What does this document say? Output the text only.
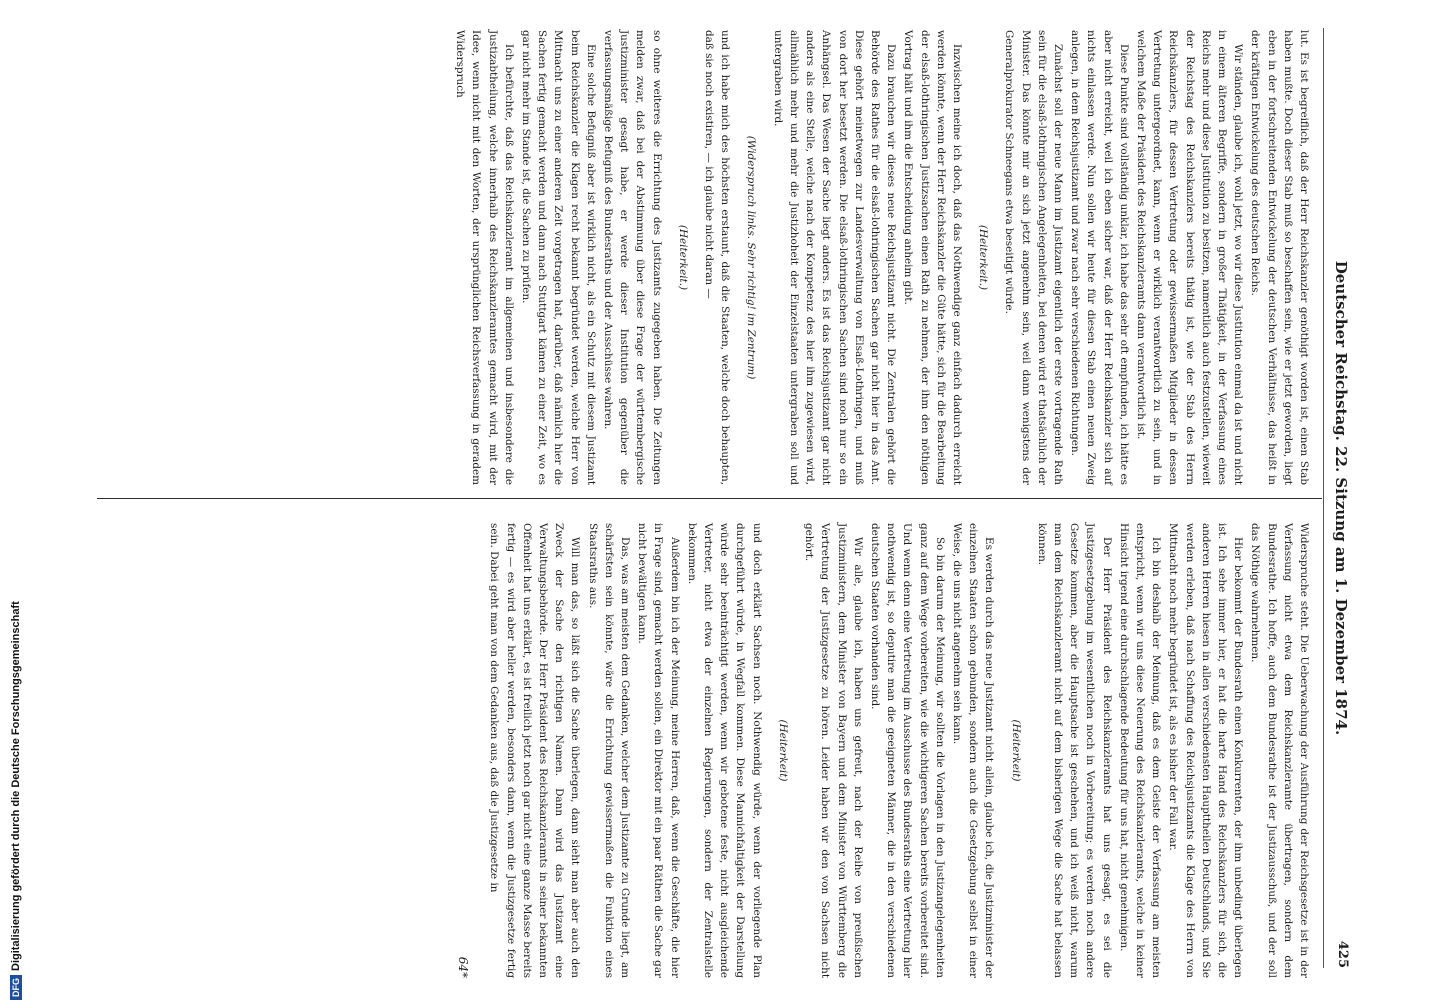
Deutscher Reichstag. 22. Sitzung am 1. Dezember 1874.
425

lut. Es ist begreiflich, daß der Herr Reichskanzler genöthigt worden ist, einen Stab haben mußte. Doch dieser Stab muß so beschaffen sein, wie er jetzt geworden, liegt eben in der fortschreitenden Entwickelung der deutschen Verhältnisse, das heißt in der kräftigen Entwickelung des deutschen Reichs.

Wir ständen, glaube ich, wohl jetzt, wo wir diese Justitution einmal da ist und nicht in einem älteren Begriffe, sondern in großer Thätigkeit, in der Verfassung eines Reichs mehr und diese Justitution zu besitzen, namentlich auch festzustellen, wieweit der Reichstag des Reichskanzlers bereits thätig ist, wie der Stab des Herrn Reichskanzlers, für dessen Vertretung oder gewissermaßen Mitglieder in dessen Vertretung untergeordnet, kann, wenn er wirklich verantwortlich zu sein, und in welchem Maße der Präsident des Reichskanzleramts dann verantwortlich ist.

Diese Punkte sind vollständig unklar, ich habe das sehr oft empfunden, ich hätte es aber nicht erreicht, weil ich eben sicher war, daß der Herr Reichskanzler sich auf nichts einlassen werde. Nun sollen wir heute für diesen Stab einen neuen Zweig anlegen, in dem Reichsjustizamt und zwar nach sehr verschiedenen Richtungen.

Zunächst soll der neue Mann im Justizamt eigentlich der erste vortragende Rath sein für die elsaß-lothringischen Angelegenheiten, bei denen wird er thatsächlich der Minister. Das könnte mir an sich jetzt angenehm sein, weil dann wenigstens der Generalprokurator Schneegans etwa beseitigt würde.

(Heiterkeit.)

Inzwischen meine ich doch, daß das Nothwendige ganz einfach dadurch erreicht werden könnte, wenn der Herr Reichskanzler die Güte hätte, sich für die Bearbeitung der elsaß-lothringischen Justizsachen einen Rath zu nehmen, der ihm den nöthigen Vortrag hält und ihm die Entscheidung anheim gibt.

Dazu brauchen wir dieses neue Reichsjustizamt nicht. Die Zentralen gehört die Behörde des Rathes für die elsaß-lothringischen Sachen gar nicht hier in das Amt. Diese gehört meinetwegen zur Landesverwaltung von Elsaß-Lothringen, und muß von dort her besetzt werden. Die elsaß-lothringischen Sachen sind noch nur so ein Anhängsel. Das Wesen der Sache liegt anders. Es ist das Reichsjustizamt gar nicht anders als eine Stelle, welche nach der Kompetenz des hier ihm zugewiesen wird, allmählich mehr und mehr die Justizhoheit der Einzelstaaten untergraben soll und untergraben wird.

(Widerspruch links. Sehr richtig! im Zentrum)

und ich habe mich des höchsten erstaunt, daß die Staaten, welche doch behaupten, daß sie noch existiren, — ich glaube nicht daran —

(Heiterkeit.)

so ohne weiteres die Errichtung des Justizamts zugegeben haben. Die Zeitungen melden zwar, daß bei der Abstimmung über diese Frage der württembergische Justizminister gesagt habe, er werde dieser Institution gegenüber die verfassungsmäßige Befugniß des Bundesraths und der Ausschüsse wahren.

Eine solche Befugniß aber ist wirklich nicht, als ein Schutz mit diesem Justizamt beim Reichskanzler die Klagen recht bekannt begründet werden, welche Herr von Mittnacht uns zu einer anderen Zeit vorgetragen hat, darüber, daß nämlich hier die Sachen fertig gemacht werden und dann nach Stuttgart kämen zu einer Zeit, wo es gar nicht mehr im Stande ist, die Sachen zu prüfen.

Ich befürchte, daß das Reichskanzleramt im allgemeinen und insbesondere die Justizabtheilung, welche innerhalb des Reichskanzleramtes gemacht wird, mit der Idee, wenn nicht mit den Worten, der ursprünglichen Reichsverfassung in geradem Widerspruch

Widerspruche steht. Die Ueberwachung der Ausführung der Reichsgesetze ist in der Verfassung nicht etwa dem Reichskanzleramte übertragen, sondern dem Bundesrathe. Ich hoffe, auch dem Bundesrathe ist der Justizausschuß, und der soll das Nöthige wahrnehmen.

Hier bekommt der Bundesrath einen Konkurrenten, der ihm unbedingt überlegen ist. Ich sehe immer hier, er hat die harte Hand des Reichskanzlers für sich, die anderen Herren hiesen in allen verschiedensten Haupttheilen Deutschlands, und Sie werden erleben, daß nach Schaffung des Reichsjustizamts die Klage des Herrn von Mittnacht noch mehr begründet ist, als es bisher der Fall war.

Ich bin deshalb der Meinung, daß es dem Geiste der Verfassung am meisten entspricht, wenn wir uns diese Neuerung des Reichskanzleramts, welche in keiner Hinsicht irgend eine durchschlagende Bedeutung für uns hat, nicht genehmigen.

Der Herr Präsident des Reichskanzleramts hat uns gesagt, es sei die Justizgesetzgebung im wesentlichen noch in Vorbereitung; es werden noch andere Gesetze kommen, aber die Hauptsache ist geschehen, und ich weiß nicht, warum man dem Reichskanzleramt nicht auf dem bisherigen Wege die Sache hat belassen können.

(Heiterkeit)

Es werden durch das neue Justizamt nicht allein, glaube ich, die Justizminister der einzelnen Staaten schon gebunden, sondern auch die Gesetzgebung selbst in einer Weise, die uns nicht angenehm sein kann.

So bin darum der Meinung, wir sollten die Vorlagen in den Justizangelegenheiten ganz auf dem Wege vorbereiten, wie die wichtigeren Sachen bereits vorbereitet sind. Und wenn denn eine Vertretung im Ausschusse des Bundesraths eine Vertretung hier nothwendig ist, so deputire man die geeigneten Männer, die in den verschiedenen deutschen Staaten vorhanden sind.

Wir alle, glaube ich, haben uns gefreut, nach der Reihe von preußischen Justizministern, dem Minister von Bayern und dem Minister von Württemberg die Vertretung der Justizgesetze zu hören. Leider haben wir den von Sachsen nicht gehört.

(Heiterkeit)

und doch erklärt Sachsen noch. Nothwendig würde, wenn der vorliegende Plan durchgeführt würde, in Wegfall kommen. Diese Mannichfaltigkeit der Darstellung würde sehr beeinträchtigt werden, wenn wir gebotene feste, nicht ausgleichende Vertreter, nicht etwa der einzelnen Regierungen, sondern der Zentralstelle bekommen.

Außerdem bin ich der Meinung, meine Herren, daß, wenn die Geschäfte, die hier in Frage sind, gemacht werden sollen, ein Direktor mit ein paar Räthen die Sache gar nicht bewältigen kann.

Das, was am meisten dem Gedanken, welcher dem Justizamte zu Grunde liegt, am schärfsten sein könnte, wäre die Errichtung gewissermaßen die Funktion eines Staatsraths aus.

Will man das, so läßt sich die Sache überlegen, dann sieht man aber auch den Zweck der Sache den richtigen Namen. Dann wird das Justizamt eine Verwaltungsbehörde. Der Herr Präsident des Reichskanzleramts in seiner bekannten Offenheit hat uns erklärt, es ist freilich jetzt noch gar nicht eine ganze Masse bereits fertig — es wird aber heller werden, besonders dann, wenn die Justizgesetze fertig sein. Dabei geht man von dem Gedanken aus, daß die Justizgesetze in

64*
DFGDigitalisierung gefördert durch die Deutsche Forschungsgemeinschaft
